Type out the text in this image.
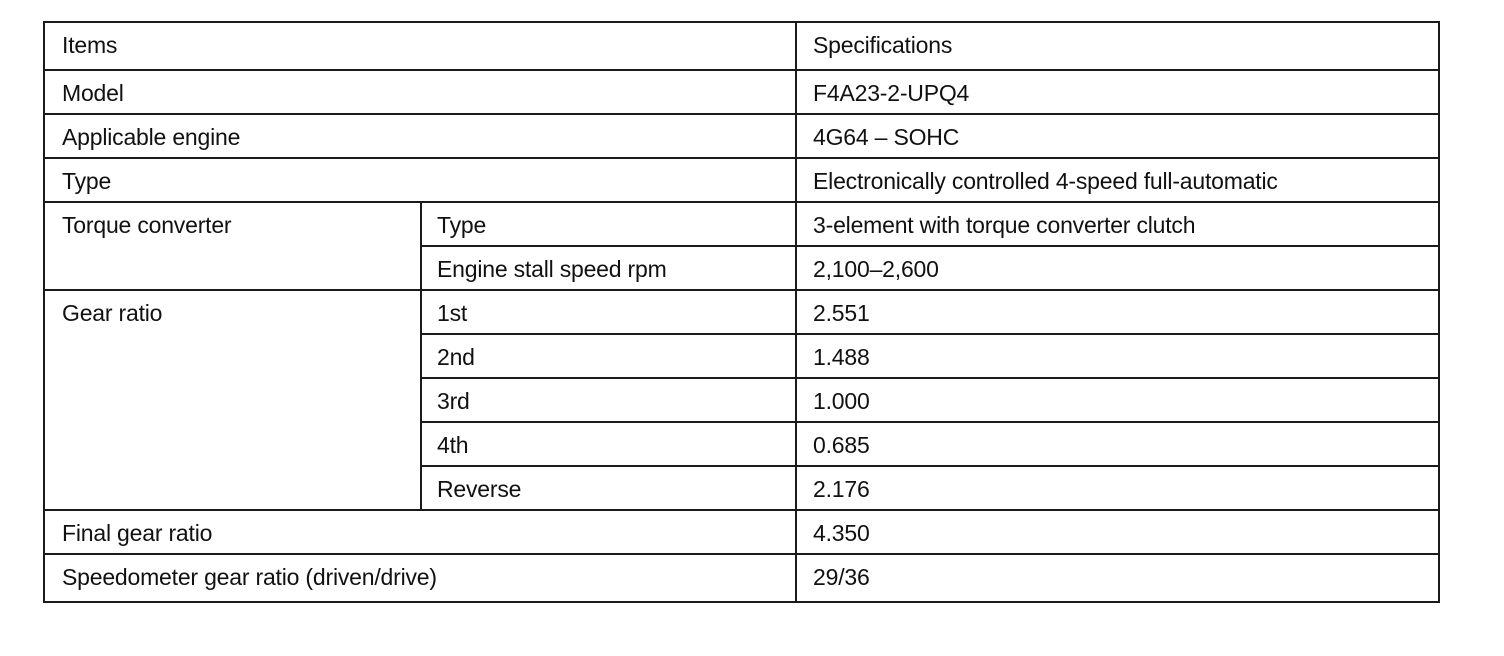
Items		Specifications
Model		F4A23-2-UPQ4
Applicable engine		4G64 – SOHC
Type		Electronically controlled 4-speed full-automatic
Torque converter	Type	3-element with torque converter clutch
	Engine stall speed rpm	2,100–2,600
Gear ratio	1st	2.551
	2nd	1.488
	3rd	1.000
	4th	0.685
	Reverse	2.176
Final gear ratio		4.350
Speedometer gear ratio (driven/drive)		29/36
